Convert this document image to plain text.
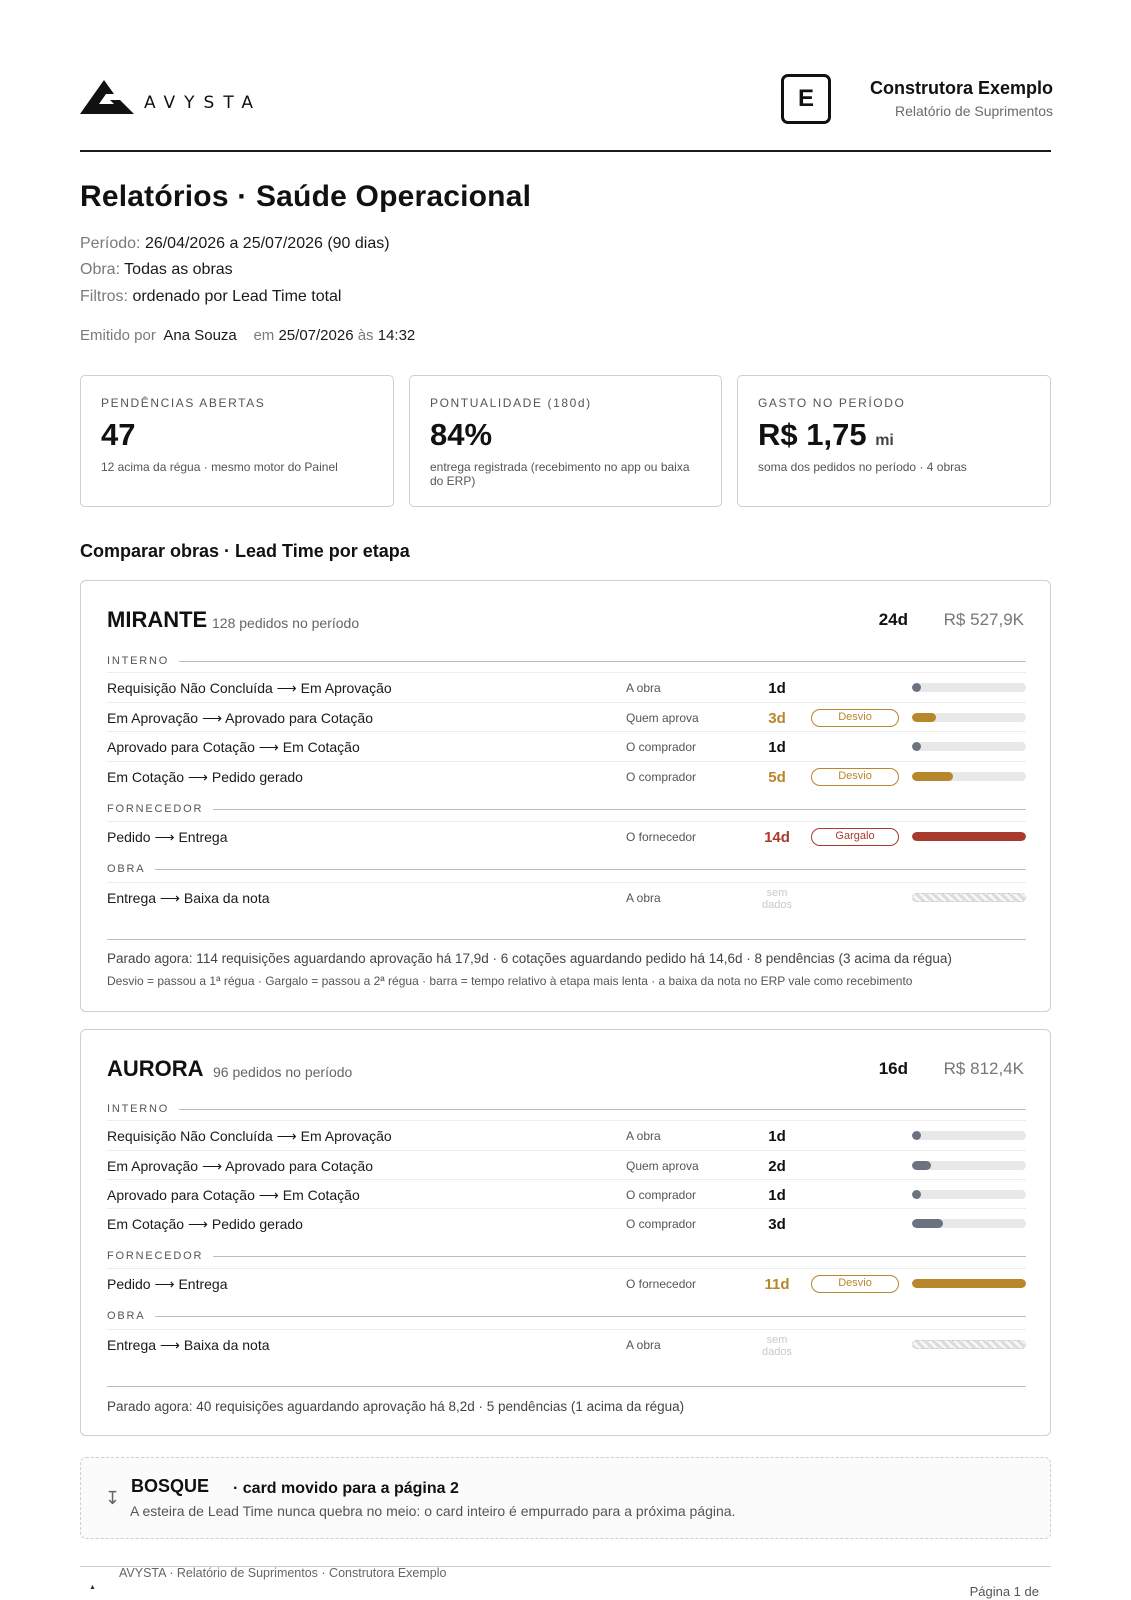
AVYSTA	E	Construtora Exemplo
Relatório de Suprimentos
Relatórios · Saúde Operacional
Período: 26/04/2026 a 25/07/2026 (90 dias)
Obra: Todas as obras
Filtros: ordenado por Lead Time total
Emitido por Ana Souza em 25/07/2026 às 14:32
PENDÊNCIAS ABERTAS
47
12 acima da régua · mesmo motor do Painel
PONTUALIDADE (180d)
84%
entrega registrada (recebimento no app ou baixa do ERP)
GASTO NO PERÍODO
R$ 1,75 mi
soma dos pedidos no período · 4 obras
Comparar obras · Lead Time por etapa
MIRANTE 128 pedidos no período	24d R$ 527,9K
INTERNO
FORNECEDOR
OBRA
Requisição Não Concluída ⟶ Em Aprovação	A obra	1d
Em Aprovação ⟶ Aprovado para Cotação	Quem aprova	3d	Desvio
Aprovado para Cotação ⟶ Em Cotação	O comprador	1d
Em Cotação ⟶ Pedido gerado	O comprador	5d	Desvio
Pedido ⟶ Entrega	O fornecedor	14d	Gargalo
Entrega ⟶ Baixa da nota	A obra	sem
dados
Parado agora: 114 requisições aguardando aprovação há 17,9d · 6 cotações aguardando pedido há 14,6d · 8 pendências (3 acima da régua)
Desvio = passou a 1ª régua · Gargalo = passou a 2ª régua · barra = tempo relativo à etapa mais lenta · a baixa da nota no ERP vale como recebimento
AURORA 96 pedidos no período	16d R$ 812,4K
INTERNO
FORNECEDOR
OBRA
Requisição Não Concluída ⟶ Em Aprovação	A obra	1d
Em Aprovação ⟶ Aprovado para Cotação	Quem aprova	2d
Aprovado para Cotação ⟶ Em Cotação	O comprador	1d
Em Cotação ⟶ Pedido gerado	O comprador	3d
Pedido ⟶ Entrega	O fornecedor	11d	Desvio
Entrega ⟶ Baixa da nota	A obra	sem
dados
Parado agora: 40 requisições aguardando aprovação há 8,2d · 5 pendências (1 acima da régua)
↧
BOSQUE · card movido para a página 2
A esteira de Lead Time nunca quebra no meio: o card inteiro é empurrado para a próxima página.
AVYSTA · Relatório de Suprimentos · Construtora Exemplo
▲	Página 1 de
